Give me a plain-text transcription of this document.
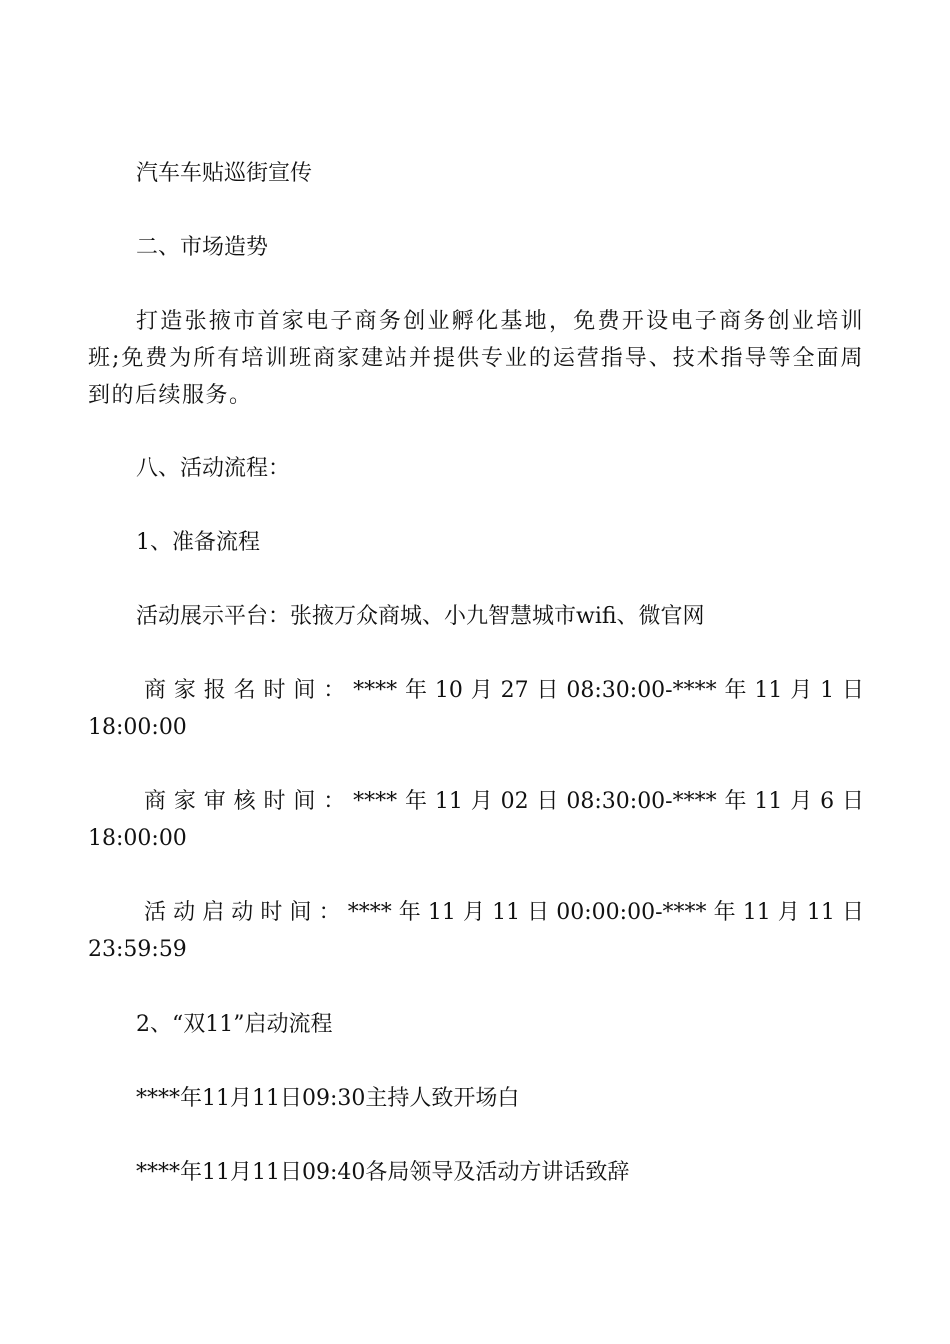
汽车车贴巡街宣传

二、市场造势

打造张掖市首家电子商务创业孵化基地，免费开设电子商务创业培训班;免费为所有培训班商家建站并提供专业的运营指导、技术指导等全面周到的后续服务。

八、活动流程：

1、准备流程

活动展示平台：张掖万众商城、小九智慧城市wifi、微官网

商家报名时间：****年10月27日08:30:00-****年11月1日
18:00:00
商家审核时间：****年11月02日08:30:00-****年11月6日
18:00:00
活动启动时间：****年11月11日00:00:00-****年11月11日
23:59:59

2、“双11”启动流程

****年11月11日09:30主持人致开场白

****年11月11日09:40各局领导及活动方讲话致辞
